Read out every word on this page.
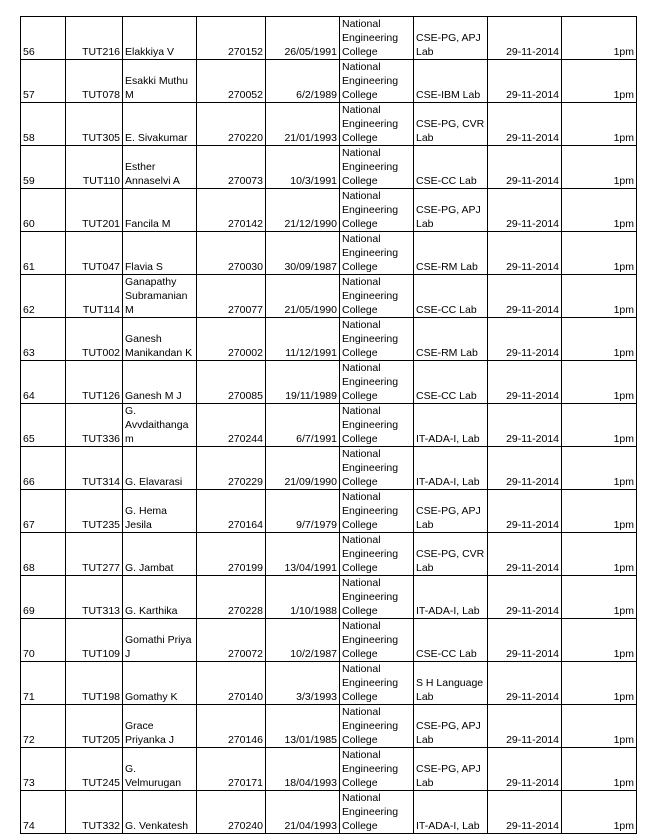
56	TUT216	Elakkiya V	270152	26/05/1991	National Engineering College	CSE-PG, APJ Lab	29-11-2014	1pm
57	TUT078	Esakki Muthu M	270052	6/2/1989	National Engineering College	CSE-IBM Lab	29-11-2014	1pm
58	TUT305	E. Sivakumar	270220	21/01/1993	National Engineering College	CSE-PG, CVR Lab	29-11-2014	1pm
59	TUT110	Esther Annaselvi A	270073	10/3/1991	National Engineering College	CSE-CC Lab	29-11-2014	1pm
60	TUT201	Fancila M	270142	21/12/1990	National Engineering College	CSE-PG, APJ Lab	29-11-2014	1pm
61	TUT047	Flavia S	270030	30/09/1987	National Engineering College	CSE-RM Lab	29-11-2014	1pm
62	TUT114	Ganapathy Subramanian M	270077	21/05/1990	National Engineering College	CSE-CC Lab	29-11-2014	1pm
63	TUT002	Ganesh Manikandan K	270002	11/12/1991	National Engineering College	CSE-RM Lab	29-11-2014	1pm
64	TUT126	Ganesh M J	270085	19/11/1989	National Engineering College	CSE-CC Lab	29-11-2014	1pm
65	TUT336	G. Avvdaithanga m	270244	6/7/1991	National Engineering College	IT-ADA-I, Lab	29-11-2014	1pm
66	TUT314	G. Elavarasi	270229	21/09/1990	National Engineering College	IT-ADA-I, Lab	29-11-2014	1pm
67	TUT235	G. Hema Jesila	270164	9/7/1979	National Engineering College	CSE-PG, APJ Lab	29-11-2014	1pm
68	TUT277	G. Jambat	270199	13/04/1991	National Engineering College	CSE-PG, CVR Lab	29-11-2014	1pm
69	TUT313	G. Karthika	270228	1/10/1988	National Engineering College	IT-ADA-I, Lab	29-11-2014	1pm
70	TUT109	Gomathi Priya J	270072	10/2/1987	National Engineering College	CSE-CC Lab	29-11-2014	1pm
71	TUT198	Gomathy K	270140	3/3/1993	National Engineering College	S H Language Lab	29-11-2014	1pm
72	TUT205	Grace Priyanka J	270146	13/01/1985	National Engineering College	CSE-PG, APJ Lab	29-11-2014	1pm
73	TUT245	G. Velmurugan	270171	18/04/1993	National Engineering College	CSE-PG, APJ Lab	29-11-2014	1pm
74	TUT332	G. Venkatesh	270240	21/04/1993	National Engineering College	IT-ADA-I, Lab	29-11-2014	1pm
